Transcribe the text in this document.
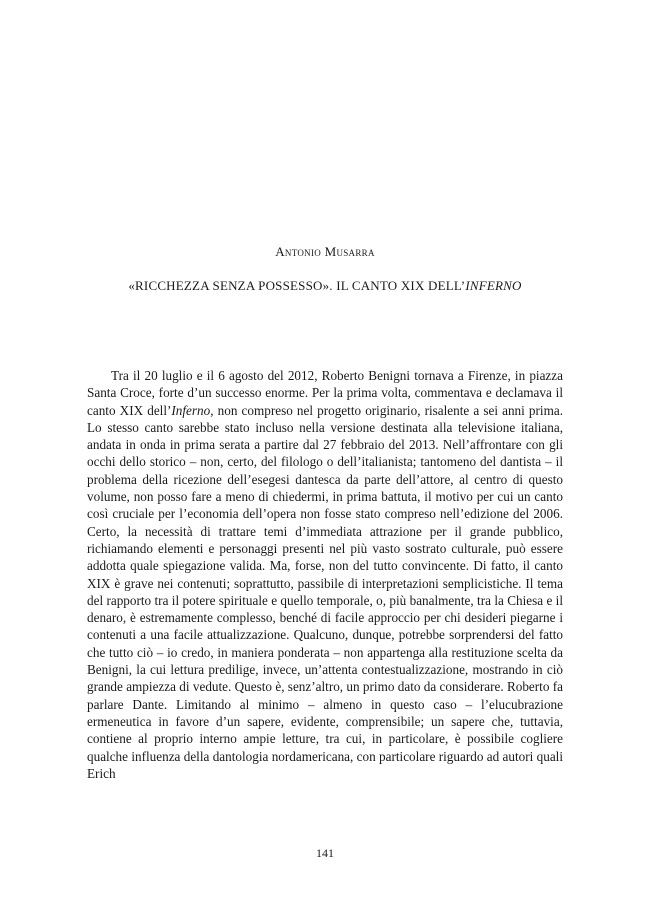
Antonio Musarra
«RICCHEZZA SENZA POSSESSO». IL CANTO XIX DELL’INFERNO

Tra il 20 luglio e il 6 agosto del 2012, Roberto Benigni tornava a Firenze, in piazza Santa Croce, forte d’un successo enorme. Per la prima volta, commentava e declamava il canto XIX dell’Inferno, non compreso nel progetto originario, risalente a sei anni prima. Lo stesso canto sarebbe stato incluso nella versione destinata alla televisione italiana, andata in onda in prima serata a partire dal 27 febbraio del 2013. Nell’affrontare con gli occhi dello storico – non, certo, del filologo o dell’italianista; tantomeno del dantista – il problema della ricezione dell’esegesi dantesca da parte dell’attore, al centro di questo volume, non posso fare a meno di chiedermi, in prima battuta, il motivo per cui un canto così cruciale per l’economia dell’opera non fosse stato compreso nell’edizione del 2006. Certo, la necessità di trattare temi d’immediata attrazione per il grande pubblico, richiamando elementi e personaggi presenti nel più vasto sostrato culturale, può essere addotta quale spiegazione valida. Ma, forse, non del tutto convincente. Di fatto, il canto XIX è grave nei contenuti; soprattutto, passibile di interpretazioni semplicistiche. Il tema del rapporto tra il potere spirituale e quello temporale, o, più banalmente, tra la Chiesa e il denaro, è estremamente complesso, benché di facile approccio per chi desideri piegarne i contenuti a una facile attualizzazione. Qualcuno, dunque, potrebbe sorprendersi del fatto che tutto ciò – io credo, in maniera ponderata – non appartenga alla restituzione scelta da Benigni, la cui lettura predilige, invece, un’attenta contestualizzazione, mostrando in ciò grande ampiezza di vedute. Questo è, senz’altro, un primo dato da considerare. Roberto fa parlare Dante. Limitando al minimo – almeno in questo caso – l’elucubrazione ermeneutica in favore d’un sapere, evidente, comprensibile; un sapere che, tuttavia, contiene al proprio interno ampie letture, tra cui, in particolare, è possibile cogliere qualche influenza della dantologia nordamericana, con particolare riguardo ad autori quali Erich

141
